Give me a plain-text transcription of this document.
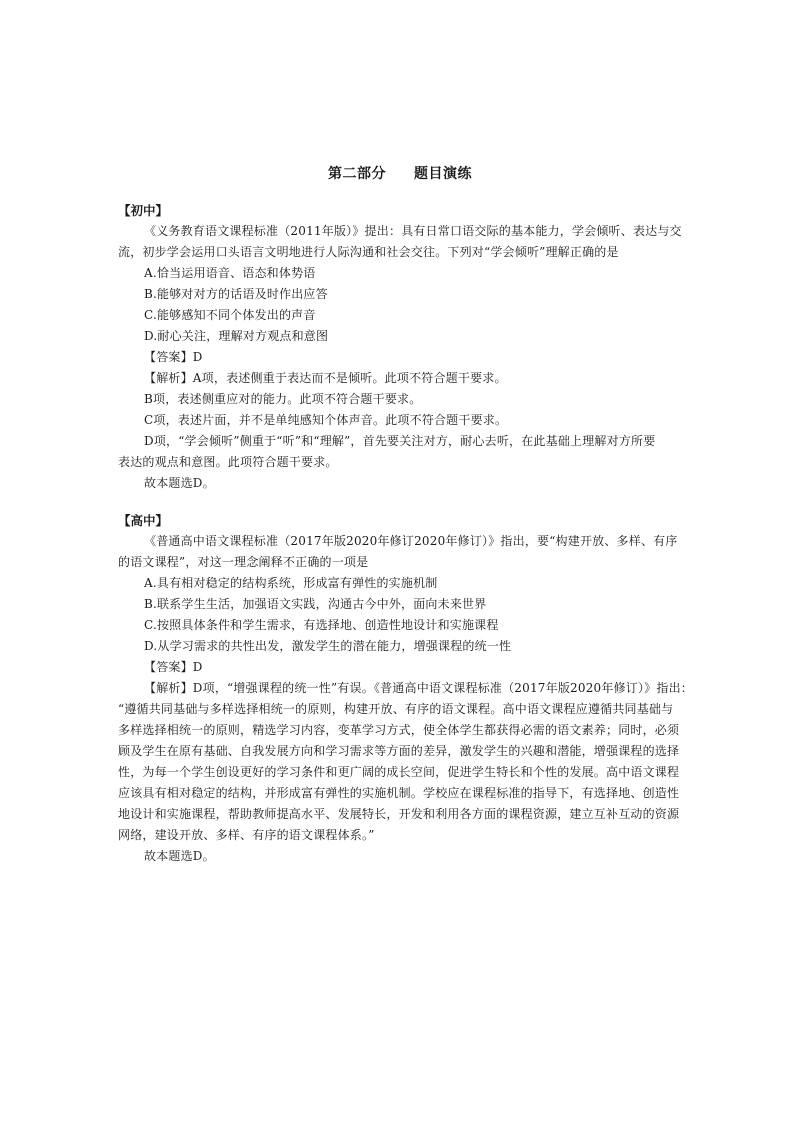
第二部分 题目演练
【初中】
《义务教育语文课程标准（2011年版）》提出：具有日常口语交际的基本能力，学会倾听、表达与交
流，初步学会运用口头语言文明地进行人际沟通和社会交往。下列对“学会倾听”理解正确的是
A.恰当运用语音、语态和体势语
B.能够对对方的话语及时作出应答
C.能够感知不同个体发出的声音
D.耐心关注，理解对方观点和意图
【答案】D
【解析】A项，表述侧重于表达而不是倾听。此项不符合题干要求。
B项，表述侧重应对的能力。此项不符合题干要求。
C项，表述片面，并不是单纯感知个体声音。此项不符合题干要求。
D项，“学会倾听”侧重于“听”和“理解”，首先要关注对方，耐心去听，在此基础上理解对方所要
表达的观点和意图。此项符合题干要求。
故本题选D。
【高中】
《普通高中语文课程标准（2017年版2020年修订2020年修订）》指出，要“构建开放、多样、有序
的语文课程”，对这一理念阐释不正确的一项是
A.具有相对稳定的结构系统，形成富有弹性的实施机制
B.联系学生生活，加强语文实践，沟通古今中外，面向未来世界
C.按照具体条件和学生需求，有选择地、创造性地设计和实施课程
D.从学习需求的共性出发，激发学生的潜在能力，增强课程的统一性
【答案】D
【解析】D项，“增强课程的统一性”有误。《普通高中语文课程标准（2017年版2020年修订）》指出：
“遵循共同基础与多样选择相统一的原则，构建开放、有序的语文课程。高中语文课程应遵循共同基础与
多样选择相统一的原则，精选学习内容，变革学习方式，使全体学生都获得必需的语文素养；同时，必须
顾及学生在原有基础、自我发展方向和学习需求等方面的差异，激发学生的兴趣和潜能，增强课程的选择
性，为每一个学生创设更好的学习条件和更广阔的成长空间，促进学生特长和个性的发展。高中语文课程
应该具有相对稳定的结构，并形成富有弹性的实施机制。学校应在课程标准的指导下，有选择地、创造性
地设计和实施课程，帮助教师提高水平、发展特长，开发和利用各方面的课程资源，建立互补互动的资源
网络，建设开放、多样、有序的语文课程体系。”
故本题选D。
